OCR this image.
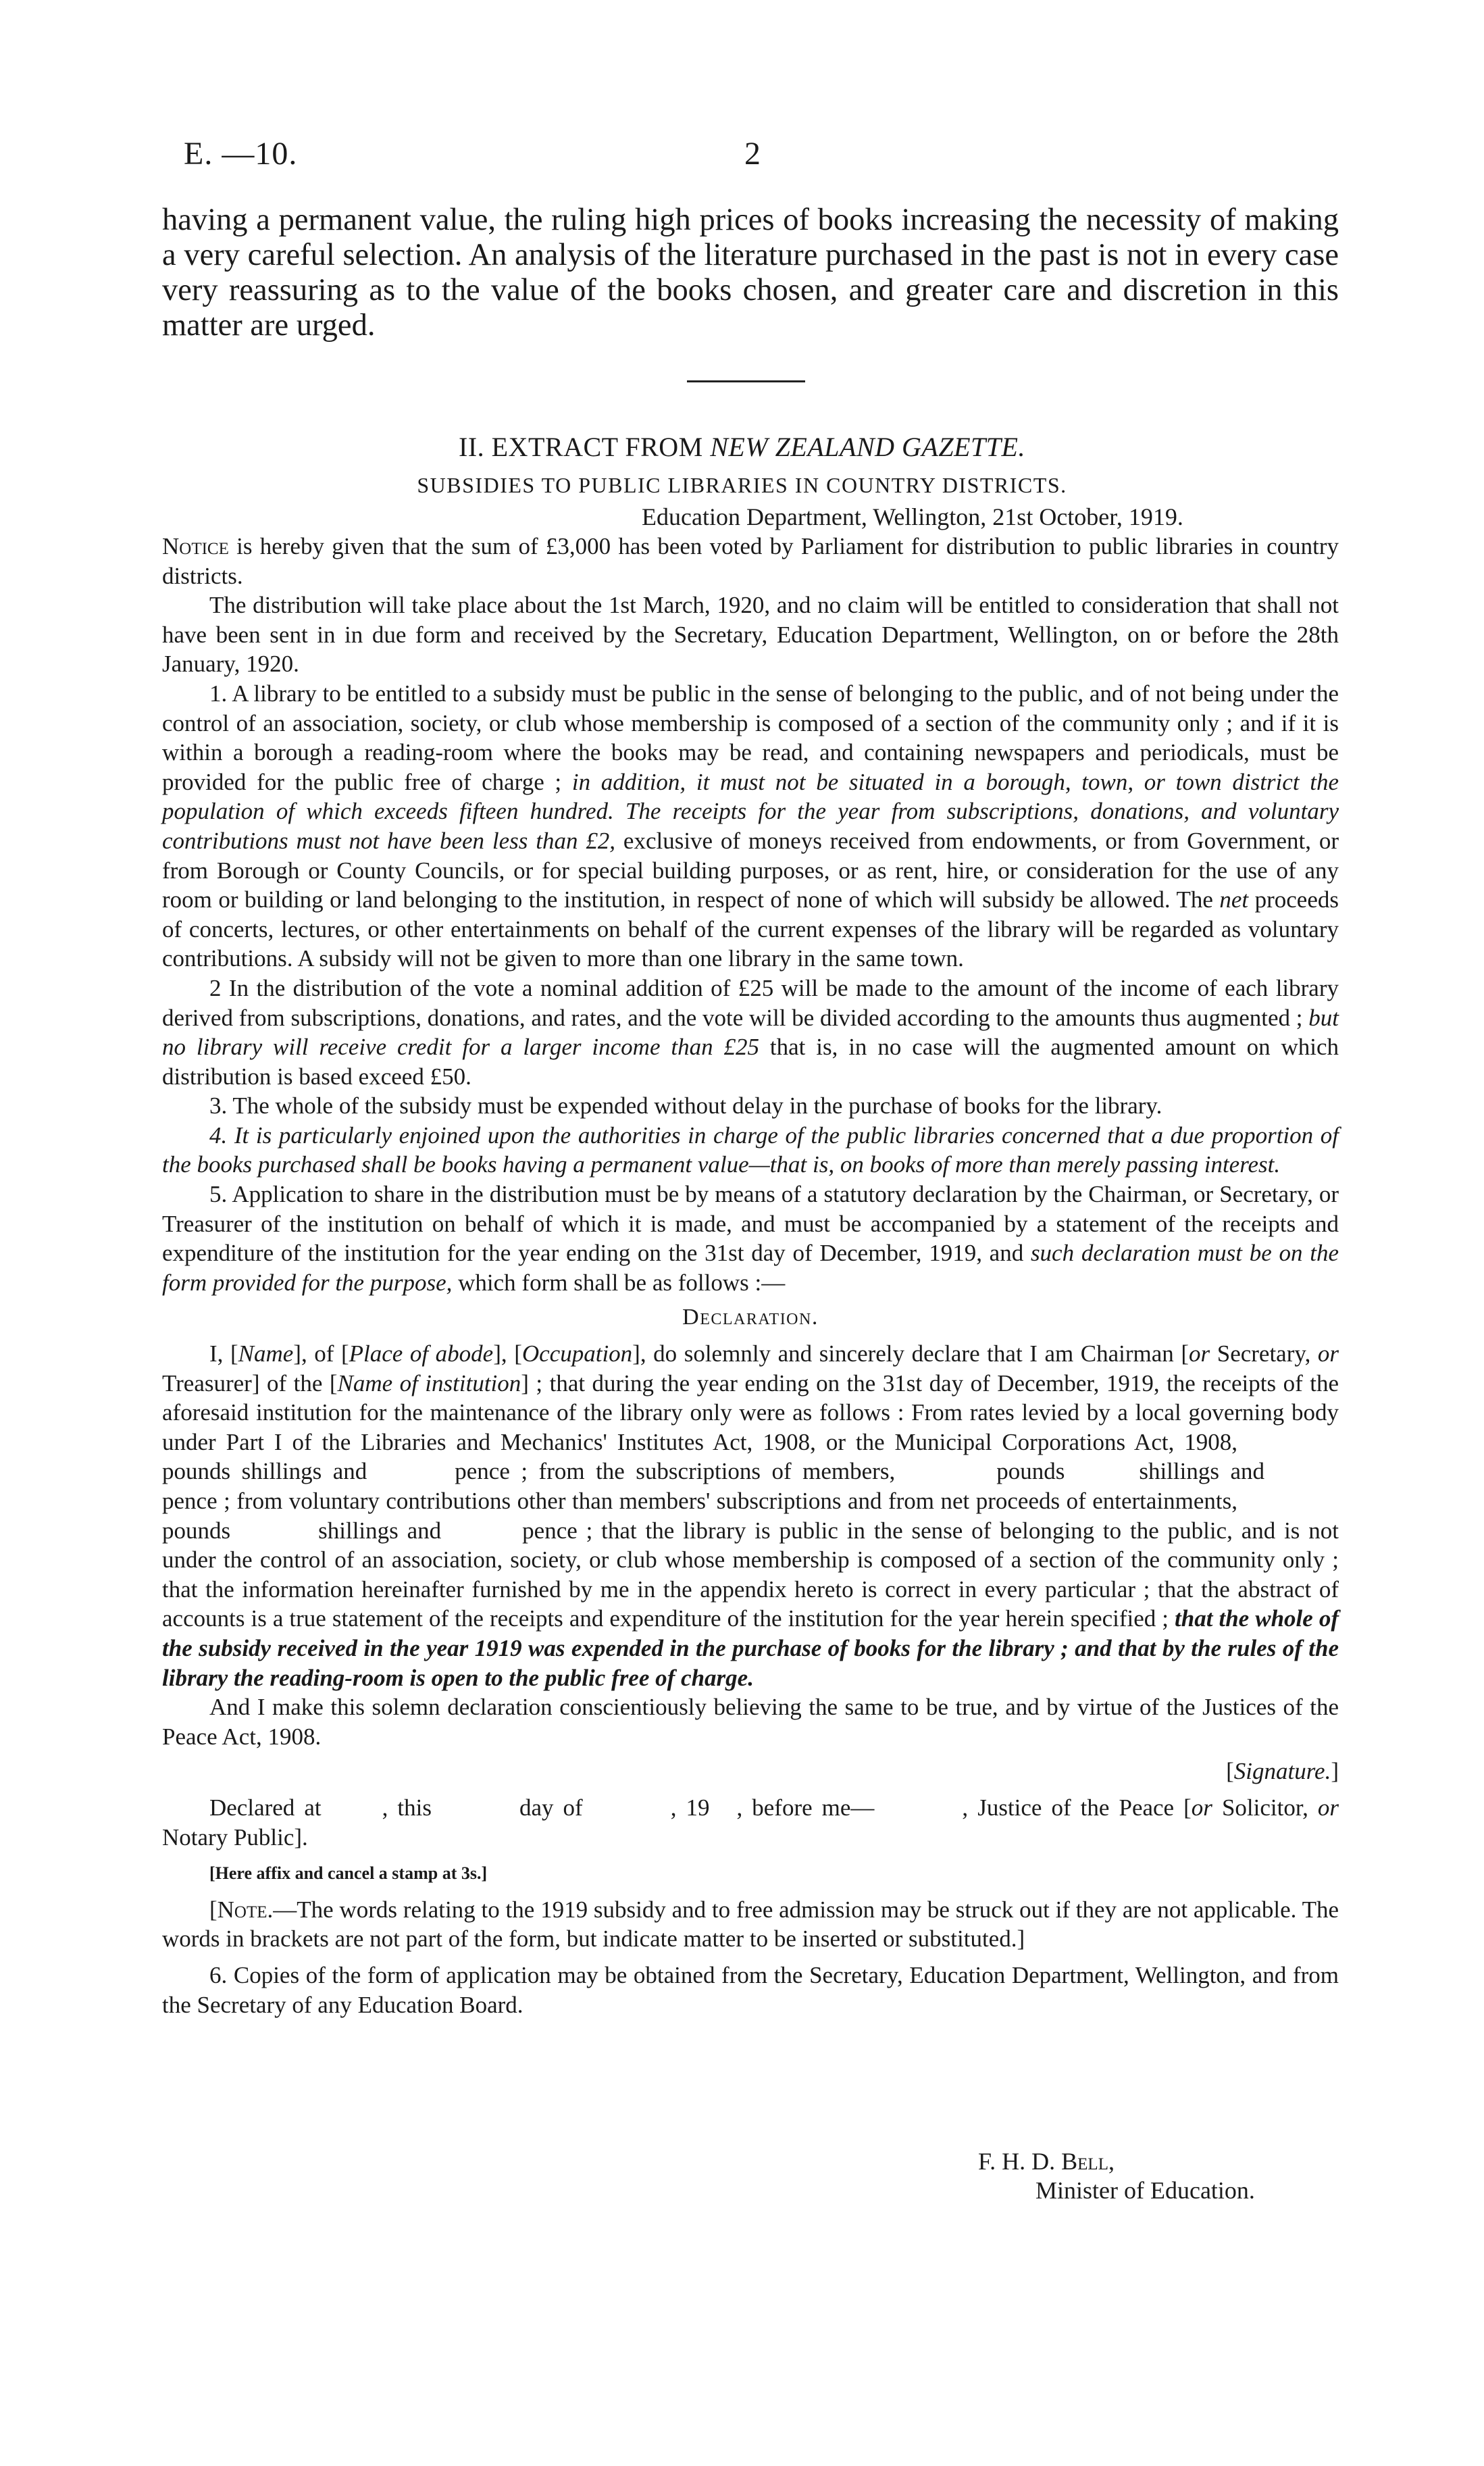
E. —10.	2
having a permanent value, the ruling high prices of books increasing the necessity of making a very careful selection. An analysis of the literature purchased in the past is not in every case very reassuring as to the value of the books chosen, and greater care and discretion in this matter are urged.
II. EXTRACT FROM NEW ZEALAND GAZETTE.
SUBSIDIES TO PUBLIC LIBRARIES IN COUNTRY DISTRICTS.
Education Department, Wellington, 21st October, 1919.

Notice is hereby given that the sum of £3,000 has been voted by Parliament for distribution to public libraries in country districts.

The distribution will take place about the 1st March, 1920, and no claim will be entitled to consideration that shall not have been sent in in due form and received by the Secretary, Education Department, Wellington, on or before the 28th January, 1920.

1. A library to be entitled to a subsidy must be public in the sense of belonging to the public, and of not being under the control of an association, society, or club whose membership is composed of a section of the community only ; and if it is within a borough a reading-room where the books may be read, and containing newspapers and periodicals, must be provided for the public free of charge ; in addition, it must not be situated in a borough, town, or town district the population of which exceeds fifteen hundred. The receipts for the year from subscriptions, donations, and voluntary contributions must not have been less than £2, exclusive of moneys received from endowments, or from Government, or from Borough or County Councils, or for special building purposes, or as rent, hire, or consideration for the use of any room or building or land belonging to the institution, in respect of none of which will subsidy be allowed. The net proceeds of concerts, lectures, or other entertainments on behalf of the current expenses of the library will be regarded as voluntary contributions. A subsidy will not be given to more than one library in the same town.

2 In the distribution of the vote a nominal addition of £25 will be made to the amount of the income of each library derived from subscriptions, donations, and rates, and the vote will be divided according to the amounts thus augmented ; but no library will receive credit for a larger income than £25 that is, in no case will the augmented amount on which distribution is based exceed £50.

3. The whole of the subsidy must be expended without delay in the purchase of books for the library.

4. It is particularly enjoined upon the authorities in charge of the public libraries concerned that a due proportion of the books purchased shall be books having a permanent value—that is, on books of more than merely passing interest.

5. Application to share in the distribution must be by means of a statutory declaration by the Chairman, or Secretary, or Treasurer of the institution on behalf of which it is made, and must be accompanied by a statement of the receipts and expenditure of the institution for the year ending on the 31st day of December, 1919, and such declaration must be on the form provided for the purpose, which form shall be as follows :—

Declaration.

I, [Name], of [Place of abode], [Occupation], do solemnly and sincerely declare that I am Chairman [or Secretary, or Treasurer] of the [Name of institution] ; that during the year ending on the 31st day of December, 1919, the receipts of the aforesaid institution for the maintenance of the library only were as follows : From rates levied by a local governing body under Part I of the Libraries and Mechanics' Institutes Act, 1908, or the Municipal Corporations Act, 1908,pounds shillings and	pence ; from the subscriptions of members,	pounds	shillings andpence ; from voluntary contributions other than members' subscriptions and from net proceeds of entertainments,pounds	shillings and	pence ; that the library is public in the sense of belonging to the public, and is not under the control of an association, society, or club whose membership is composed of a section of the community only ; that the information hereinafter furnished by me in the appendix hereto is correct in every particular ; that the abstract of accounts is a true statement of the receipts and expenditure of the institution for the year herein specified ; that the whole of the subsidy received in the year 1919 was expended in the purchase of books for the library ; and that by the rules of the library the reading-room is open to the public free of charge.

And I make this solemn declaration conscientiously believing the same to be true, and by virtue of the Justices of the Peace Act, 1908.

[Signature.]

Declared at	, this	day of	, 19 , before me—	, Justice of the Peace [or Solicitor, or Notary Public].

[Here affix and cancel a stamp at 3s.]

[Note.—The words relating to the 1919 subsidy and to free admission may be struck out if they are not applicable. The words in brackets are not part of the form, but indicate matter to be inserted or substituted.]

6. Copies of the form of application may be obtained from the Secretary, Education Department, Wellington, and from the Secretary of any Education Board.

F. H. D. Bell,
Minister of Education.
